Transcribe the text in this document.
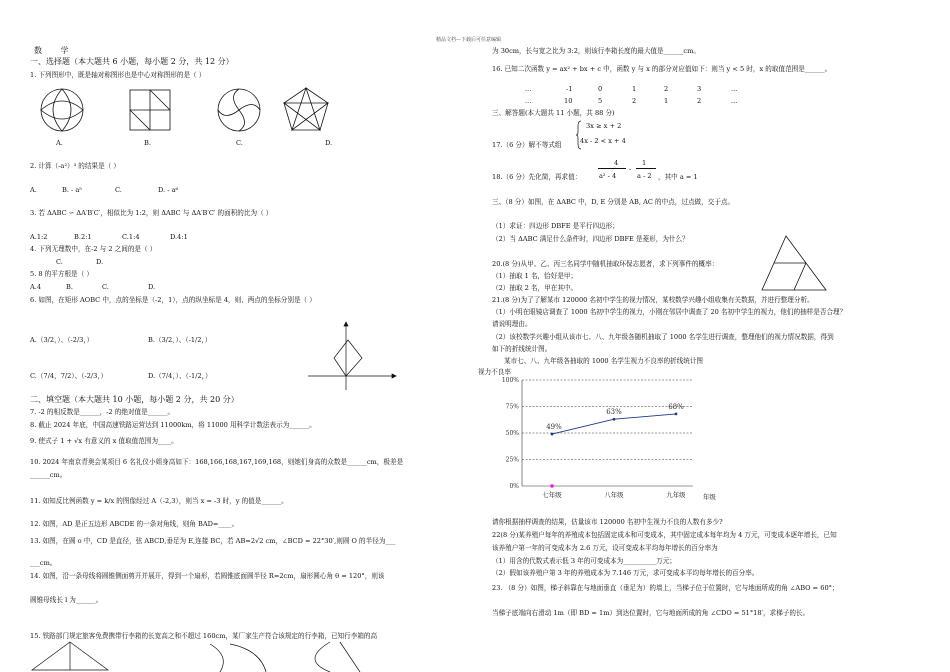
精品文档—下载后可任意编辑
数 学
一、选择题（本大题共 6 小题，每小题 2 分，共 12 分）
1. 下列图形中，既是轴对称图形也是中心对称图形的是（ ）
A.	B.	C.	D.
2. 计算（-a²）³ 的结果是（ ）
A.	B. - a⁵	C.	D. - a⁶
3. 若 ΔABC ∽ ΔA′B′C′，相似比为 1:2，则 ΔABC 与 ΔA′B′C′ 的面积的比为（ ）
A.1:2	B.2:1	C.1:4	D.4:1
4. 下列无理数中，在-2 与 2 之间的是（ ）
C.	D.
5. 8 的平方根是（ ）
A.4	B.	C.	D.
6. 如图，在矩形 AOBC 中，点的坐标是（-2，1），点的纵坐标是 4，则、两点的坐标分别是（ ）
A.（3/2，）、（-2/3，）	B.（3/2，）、（-1/2，）
C.（7/4，7/2）、（-2/3，）	D.（7/4，）、（-1/2，）
二、填空题（本大题共 10 小题，每小题 2 分，共 20 分）
7. -2 的相反数是______，-2 的绝对值是______。
8. 截止 2024 年底，中国高速铁路运营达到 11000km，将 11000 用科学计数法表示为______。
9. 使式子 1 + √x 有意义的 x 值取值范围为____。
10. 2024 年南京青奥会某项目 6 名礼仪小姐身高如下：168,166,168,167,169,168，则她们身高的众数是______cm，极差是
______cm。
11. 如知反比例函数 y = k/x 的图像经过 A（-2,3），则当 x = -3 时，y 的值是______。
12. 如图，AD 是正五边形 ABCDE 的一条对角线，则角 BAD=____。
13. 如图，在圆 o 中，CD 是直径，弦 ABCD,垂足为 E,连接 BC，若 AB=2√2 cm，∠BCD = 22°30′,则圆 O 的半径为___
___cm。
14. 如图，沿一条母线将圆锥侧面剪开并展开，得到一个扇形，若圆锥底面圆半径 R=2cm，扇形圆心角 θ = 120°，则该
圆锥母线长 l 为______。
15. 铁路部门规定旅客免费携带行李箱的长宽高之和不超过 160cm，某厂家生产符合该规定的行李箱，已知行李箱的高
为 30cm，长与宽之比为 3:2，则该行李箱长度的最大值是______cm。
16. 已知二次函数 y = ax² + bx + c 中，函数 y 与 x 的部分对应值如下：则当 y < 5 时，x 的取值范围是______。
...	-1	0	1	2	3	...
...	10	5	2	1	2	...
三、解答题(本大题共 11 小题，共 88 分)
17.（6 分）解不等式组
3x ≥ x + 2
4x - 2 < x + 4
18.（6 分）先化简，再求值：
4
a² - 4
-
1
a - 2 ，其中 a = 1
三、（8 分）如图，在 ΔABC 中，D, E 分别是 AB, AC 的中点，过点做，交于点。
（1）求证：四边形 DBFE 是平行四边形；
（2）当 ΔABC 满足什么条件时，四边形 DBFE 是菱形，为什么？
20.(8 分)从甲、乙、丙三名同学中随机抽取环保志愿者，求下列事件的概率：
（1）抽取 1 名，恰好是甲；
（2）抽取 2 名，甲在其中。
21.(8 分)为了了解某市 120000 名初中学生的视力情况，某校数学兴趣小组收集有关数据，并进行整理分析。
（1）小明在眼镜店调查了 1000 名初中学生的视力，小刚在邻居中调查了 20 名初中学生的视力，他们的抽样是否合理？
请说明理由。
（2）该校数学兴趣小组从该市七、八、九年级各随机抽取了 1000 名学生进行调查，整理他们的视力情况数据，得到
如下的折线统计图。
某市七、八、九年级各抽取的 1000 名学生视力不良率的折线统计图
视力不良率
0%
25%
50%
75%
100%
七年级	八年级	九年级	年级
49%
63%
68%
请你根据抽样调查的结果，估量该市 120000 名初中生视力不良的人数有多少?
22(8 分)某养殖户每年的养殖成本包括固定成本和可变成本，其中固定成本每年均为 4 万元，可变成本逐年增长，已知
该养殖户第一年的可变成本为 2.6 万元，设可变成本平均每年增长的百分率为
（1）用含的代数式表示低 3 年的可变成本为__________万元；
（2）假如该养殖户第 3 年的养殖成本为 7.146 万元，求可变成本平均每年增长的百分率。
23. （8 分）如图，梯子斜靠在与地面垂直（垂足为）的墙上，当梯子位于位置时，它与地面所成的角 ∠ABO = 60°；
当梯子底端向右滑动 1m（即 BD = 1m）到达位置时，它与地面所成的角 ∠CDO = 51°18′，求梯子的长。
